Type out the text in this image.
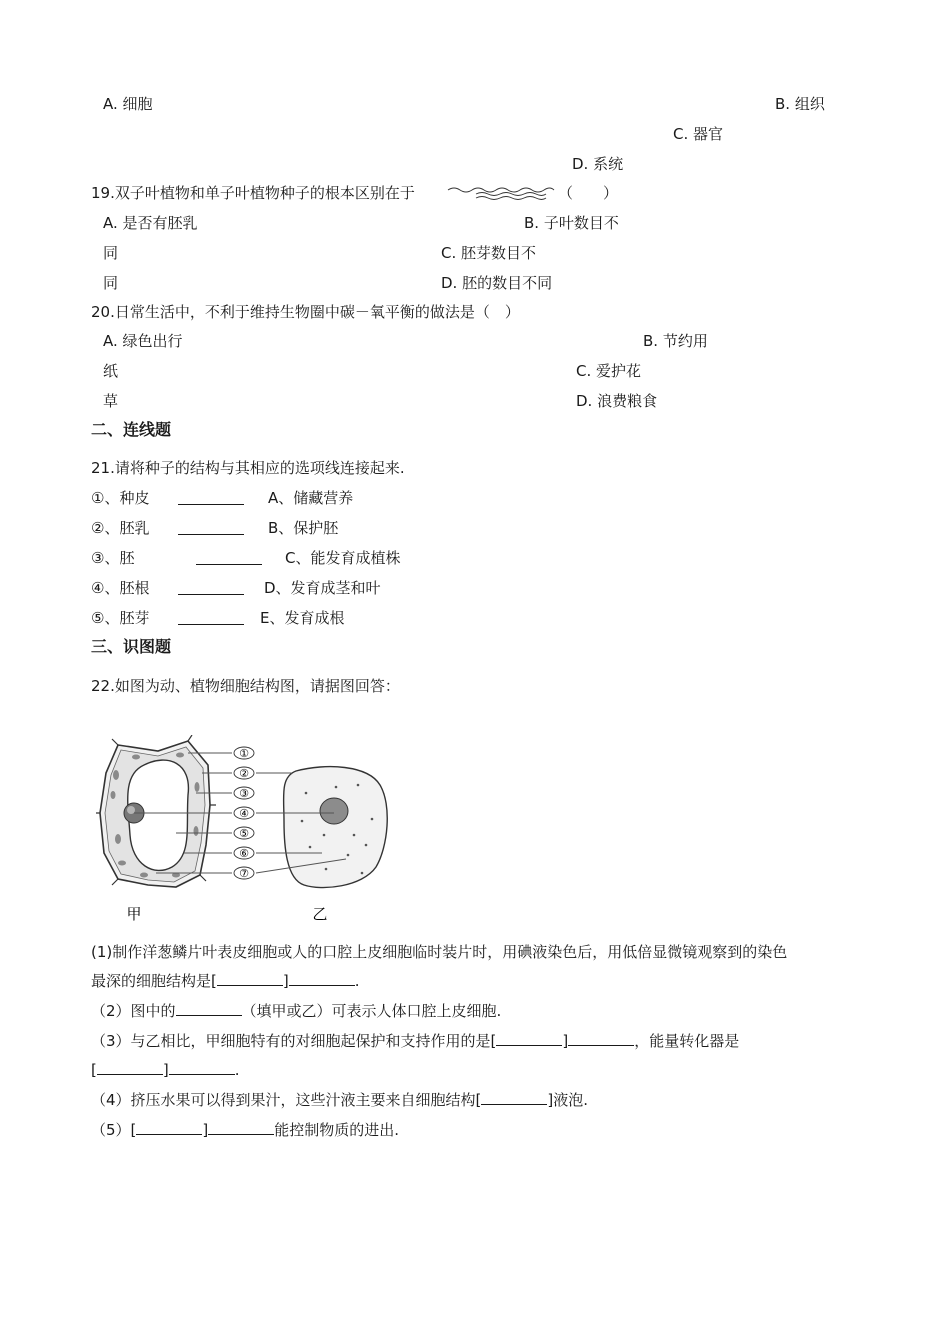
A. 细胞	B. 组织
C. 器官
D. 系统
19.双子叶植物和单子叶植物种子的根本区别在于	（　　）
A. 是否有胚乳	B. 子叶数目不
同	C. 胚芽数目不
同	D. 胚的数目不同
20.日常生活中，不利于维持生物圈中碳－氧平衡的做法是（　）
A. 绿色出行	B. 节约用
纸	C. 爱护花
草	D. 浪费粮食
二、连线题
21.请将种子的结构与其相应的选项线连接起来.
①、种皮	A、储藏营养
②、胚乳	B、保护胚
③、胚	C、能发育成植株
④、胚根	D、发育成茎和叶
⑤、胚芽	E、发育成根
三、识图题
22.如图为动、植物细胞结构图，请据图回答：
①
②
③
④
⑤
⑥
⑦
甲	乙
(1)制作洋葱鳞片叶表皮细胞或人的口腔上皮细胞临时装片时，用碘液染色后，用低倍显微镜观察到的染色
最深的细胞结构是[	]	.
（2）图中的	（填甲或乙）可表示人体口腔上皮细胞.
（3）与乙相比，甲细胞特有的对细胞起保护和支持作用的是[	]	，能量转化器是
[	]	.
（4）挤压水果可以得到果汁，这些汁液主要来自细胞结构[	]液泡.
（5）[	]	能控制物质的进出.
